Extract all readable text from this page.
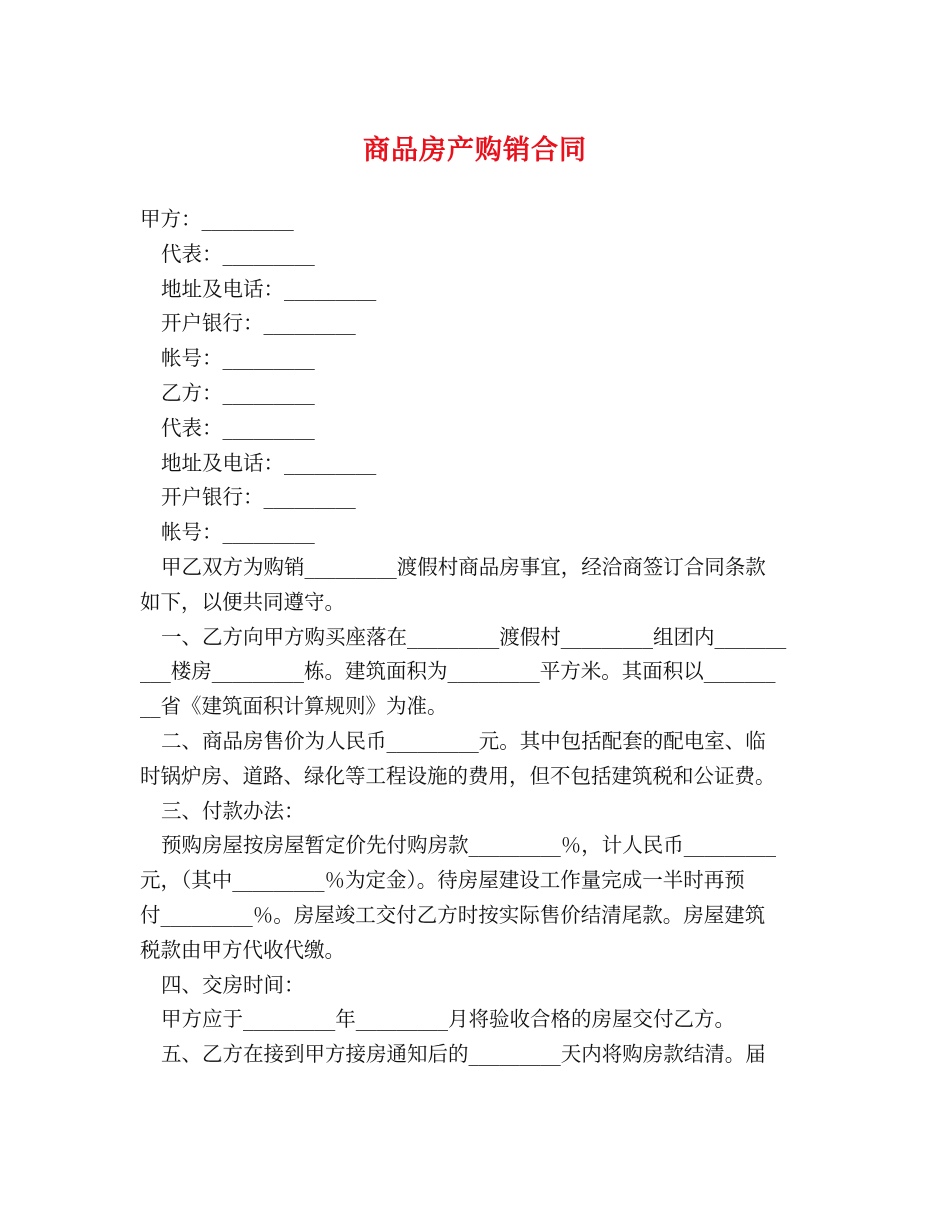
商品房产购销合同
甲方：_________
代表：_________
地址及电话：_________
开户银行：_________
帐号：_________
乙方：_________
代表：_________
地址及电话：_________
开户银行：_________
帐号：_________
甲乙双方为购销_________渡假村商品房事宜，经洽商签订合同条款
如下，以便共同遵守。
一、乙方向甲方购买座落在_________渡假村_________组团内_______
___楼房_________栋。建筑面积为_________平方米。其面积以_______
__省《建筑面积计算规则》为准。
二、商品房售价为人民币_________元。其中包括配套的配电室、临
时锅炉房、道路、绿化等工程设施的费用，但不包括建筑税和公证费。
三、付款办法：
预购房屋按房屋暂定价先付购房款_________％，计人民币_________
元，（其中_________％为定金）。待房屋建设工作量完成一半时再预
付_________％。房屋竣工交付乙方时按实际售价结清尾款。房屋建筑
税款由甲方代收代缴。
四、交房时间：
甲方应于_________年_________月将验收合格的房屋交付乙方。
五、乙方在接到甲方接房通知后的_________天内将购房款结清。届
